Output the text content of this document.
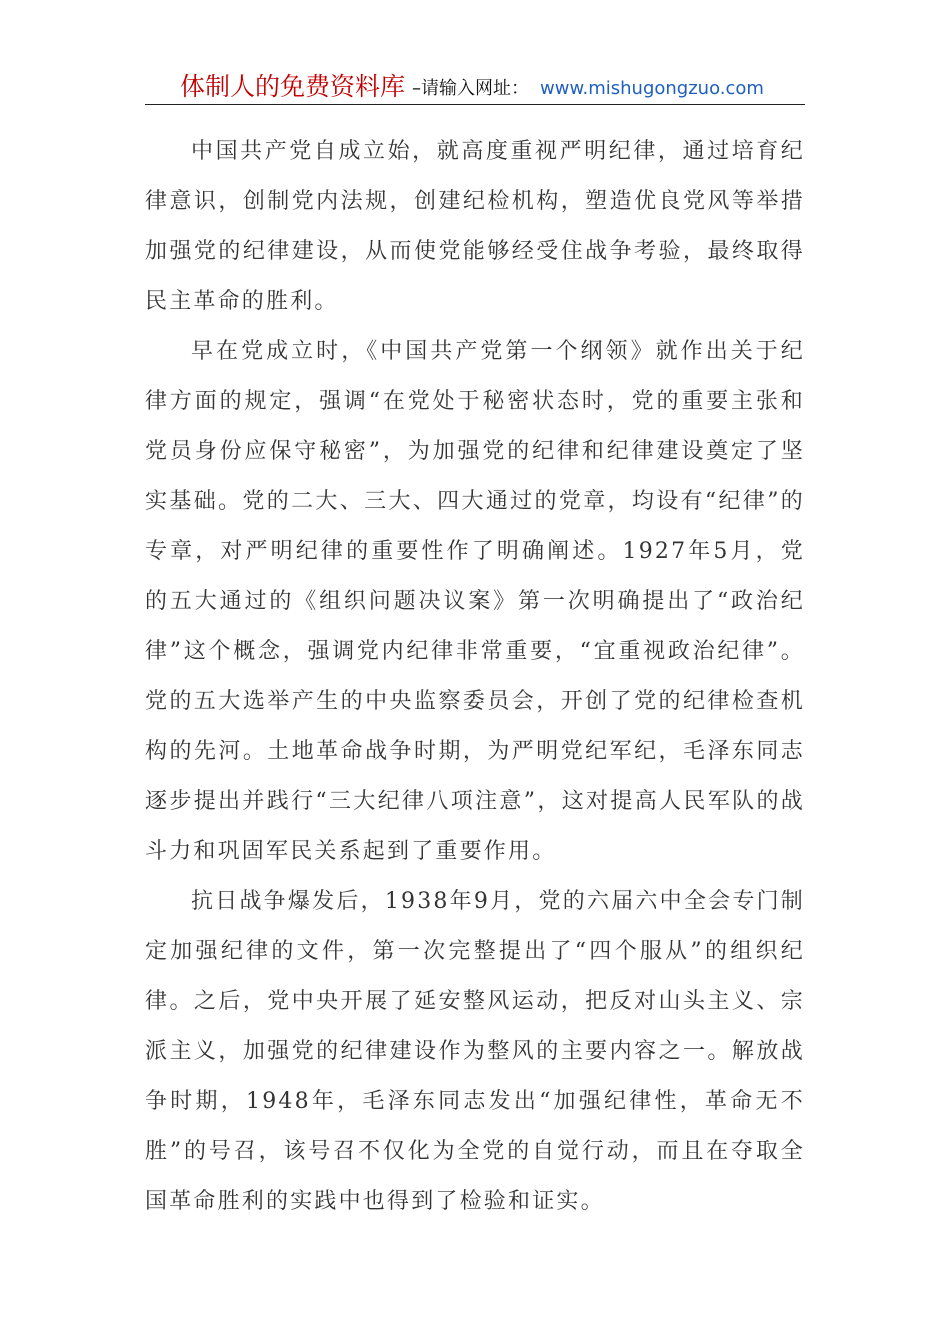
体制人的免费资料库 –请输入网址： www.mishugongzuo.com

中国共产党自成立始，就高度重视严明纪律，通过培育纪律意识，创制党内法规，创建纪检机构，塑造优良党风等举措加强党的纪律建设，从而使党能够经受住战争考验，最终取得民主革命的胜利。

早在党成立时，《中国共产党第一个纲领》就作出关于纪律方面的规定，强调“在党处于秘密状态时，党的重要主张和党员身份应保守秘密”，为加强党的纪律和纪律建设奠定了坚实基础。党的二大、三大、四大通过的党章，均设有“纪律”的专章，对严明纪律的重要性作了明确阐述。1927年5月，党的五大通过的《组织问题决议案》第一次明确提出了“政治纪律”这个概念，强调党内纪律非常重要，“宜重视政治纪律”。党的五大选举产生的中央监察委员会，开创了党的纪律检查机构的先河。土地革命战争时期，为严明党纪军纪，毛泽东同志逐步提出并践行“三大纪律八项注意”，这对提高人民军队的战斗力和巩固军民关系起到了重要作用。

抗日战争爆发后，1938年9月，党的六届六中全会专门制定加强纪律的文件，第一次完整提出了“四个服从”的组织纪律。之后，党中央开展了延安整风运动，把反对山头主义、宗派主义，加强党的纪律建设作为整风的主要内容之一。解放战争时期，1948年，毛泽东同志发出“加强纪律性，革命无不胜”的号召，该号召不仅化为全党的自觉行动，而且在夺取全国革命胜利的实践中也得到了检验和证实。
